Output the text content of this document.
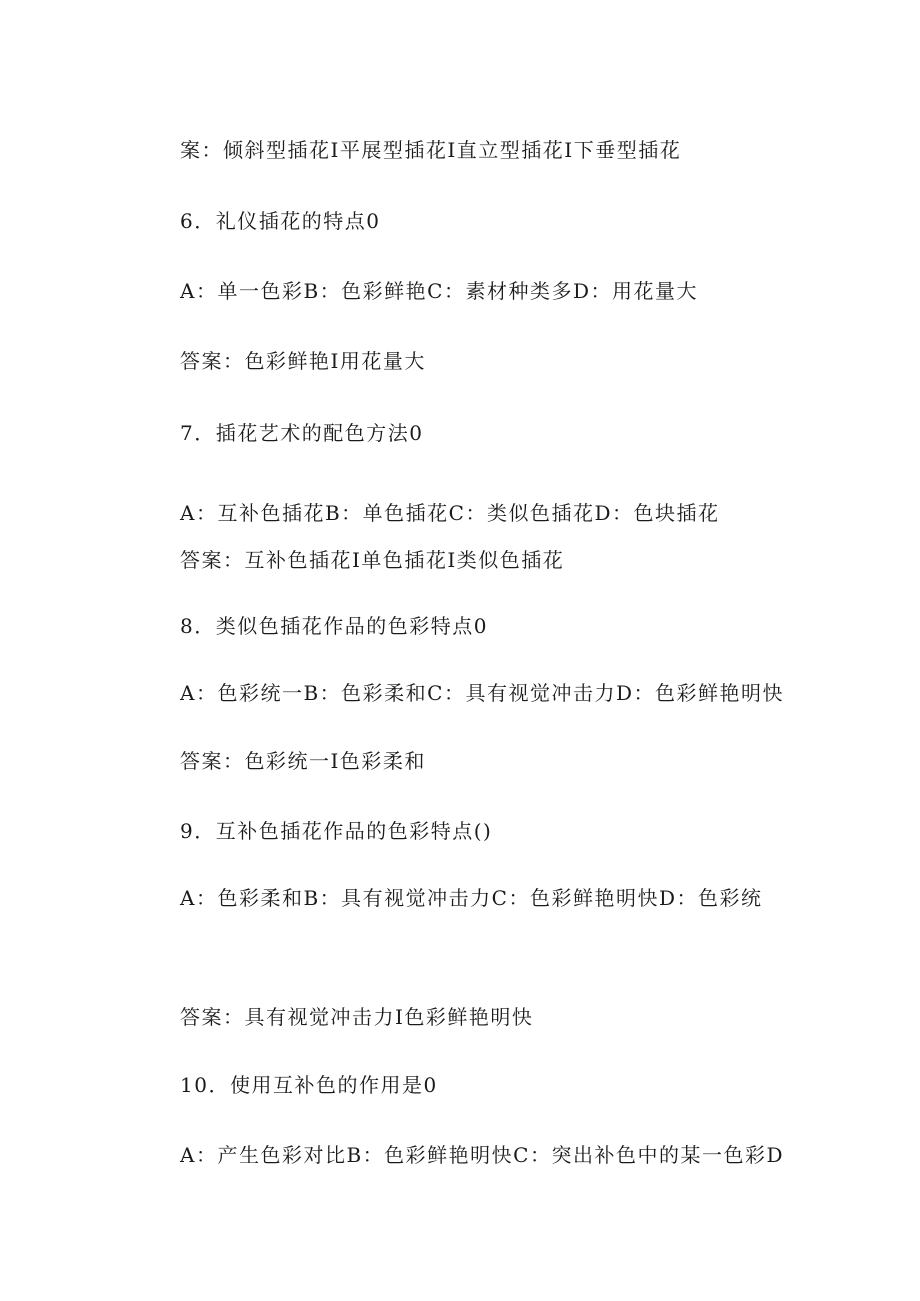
案：倾斜型插花I平展型插花I直立型插花I下垂型插花
6．礼仪插花的特点0
A：单一色彩B：色彩鲜艳C：素材种类多D：用花量大
答案：色彩鲜艳I用花量大
7．插花艺术的配色方法0
A：互补色插花B：单色插花C：类似色插花D：色块插花
答案：互补色插花I单色插花I类似色插花
8．类似色插花作品的色彩特点0
A：色彩统一B：色彩柔和C：具有视觉冲击力D：色彩鲜艳明快
答案：色彩统一I色彩柔和
9．互补色插花作品的色彩特点()
A：色彩柔和B：具有视觉冲击力C：色彩鲜艳明快D：色彩统
答案：具有视觉冲击力I色彩鲜艳明快
10．使用互补色的作用是0
A：产生色彩对比B：色彩鲜艳明快C：突出补色中的某一色彩D
